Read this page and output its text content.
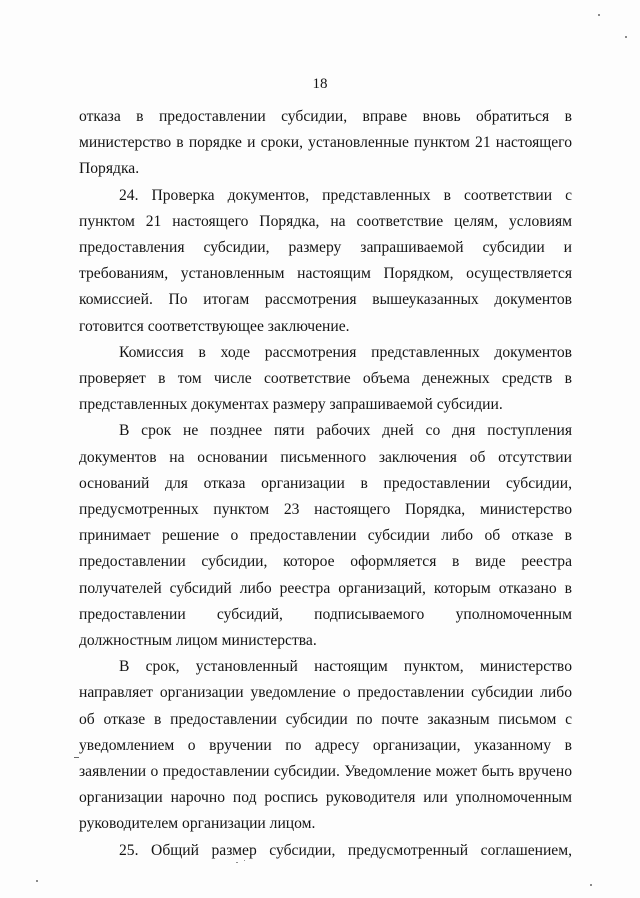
18

отказа в предоставлении субсидии, вправе вновь обратиться в министерство в порядке и сроки, установленные пунктом 21 настоящего Порядка.

24. Проверка документов, представленных в соответствии с пунктом 21 настоящего Порядка, на соответствие целям, условиям предоставления субсидии, размеру запрашиваемой субсидии и требованиям, установленным настоящим Порядком, осуществляется комиссией. По итогам рассмотрения вышеуказанных документов готовится соответствующее заключение.

Комиссия в ходе рассмотрения представленных документов проверяет в том числе соответствие объема денежных средств в представленных документах размеру запрашиваемой субсидии.

В срок не позднее пяти рабочих дней со дня поступления документов на основании письменного заключения об отсутствии оснований для отказа организации в предоставлении субсидии, предусмотренных пунктом 23 настоящего Порядка, министерство принимает решение о предоставлении субсидии либо об отказе в предоставлении субсидии, которое оформляется в виде реестра получателей субсидий либо реестра организаций, которым отказано в предоставлении субсидий, подписываемого уполномоченным должностным лицом министерства.

В срок, установленный настоящим пунктом, министерство направляет организации уведомление о предоставлении субсидии либо об отказе в предоставлении субсидии по почте заказным письмом с уведомлением о вручении по адресу организации, указанному в заявлении о предоставлении субсидии. Уведомление может быть вручено организации нарочно под роспись руководителя или уполномоченным руководителем организации лицом.

25. Общий размер субсидии, предусмотренный соглашением,
